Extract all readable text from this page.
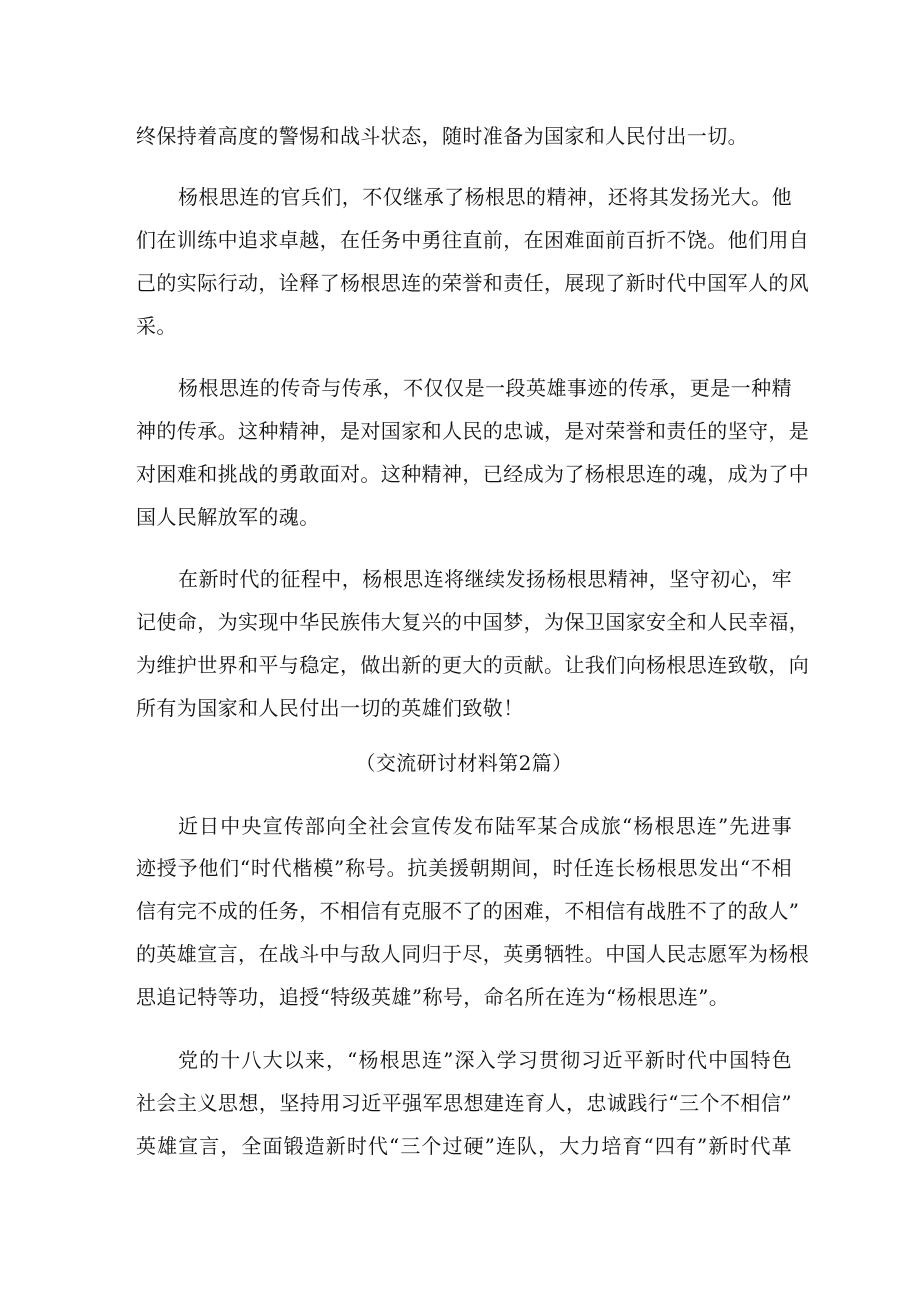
终保持着高度的警惕和战斗状态，随时准备为国家和人民付出一切。
杨根思连的官兵们，不仅继承了杨根思的精神，还将其发扬光大。他
们在训练中追求卓越，在任务中勇往直前，在困难面前百折不饶。他们用自
己的实际行动，诠释了杨根思连的荣誉和责任，展现了新时代中国军人的风
采。
杨根思连的传奇与传承，不仅仅是一段英雄事迹的传承，更是一种精
神的传承。这种精神，是对国家和人民的忠诚，是对荣誉和责任的坚守，是
对困难和挑战的勇敢面对。这种精神，已经成为了杨根思连的魂，成为了中
国人民解放军的魂。
在新时代的征程中，杨根思连将继续发扬杨根思精神，坚守初心，牢
记使命，为实现中华民族伟大复兴的中国梦，为保卫国家安全和人民幸福，
为维护世界和平与稳定，做出新的更大的贡献。让我们向杨根思连致敬，向
所有为国家和人民付出一切的英雄们致敬！
（交流研讨材料第2篇）
近日中央宣传部向全社会宣传发布陆军某合成旅“杨根思连”先进事
迹授予他们“时代楷模”称号。抗美援朝期间，时任连长杨根思发出“不相
信有完不成的任务，不相信有克服不了的困难，不相信有战胜不了的敌人”
的英雄宣言，在战斗中与敌人同归于尽，英勇牺牲。中国人民志愿军为杨根
思追记特等功，追授“特级英雄”称号，命名所在连为“杨根思连”。
党的十八大以来，“杨根思连”深入学习贯彻习近平新时代中国特色
社会主义思想，坚持用习近平强军思想建连育人，忠诚践行“三个不相信”
英雄宣言，全面锻造新时代“三个过硬”连队，大力培育“四有”新时代革
